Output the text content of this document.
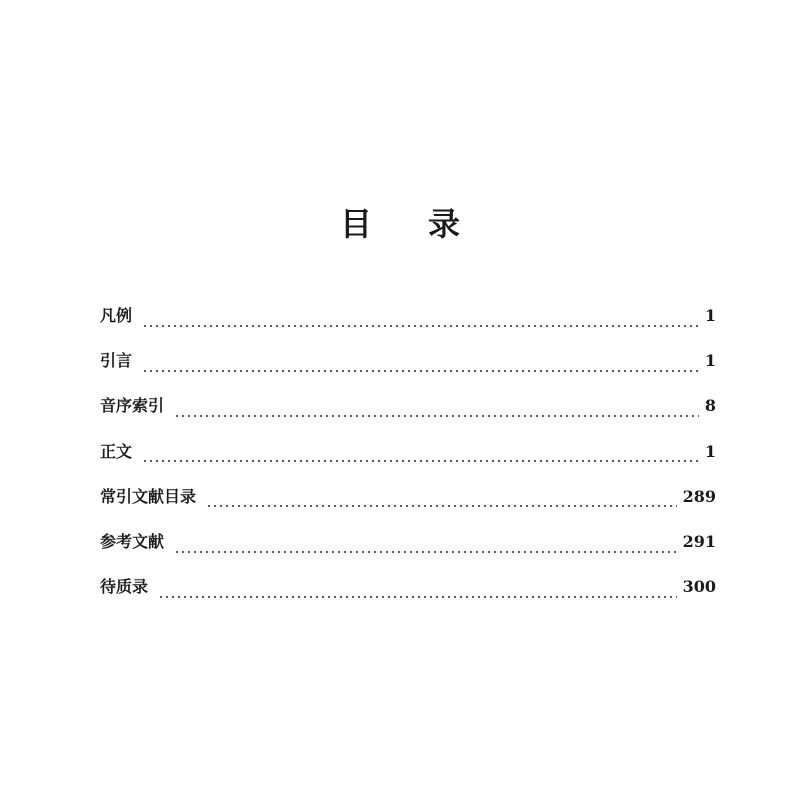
目 录
凡例	1
引言	1
音序索引	8
正文	1
常引文献目录	289
参考文献	291
待质录	300
